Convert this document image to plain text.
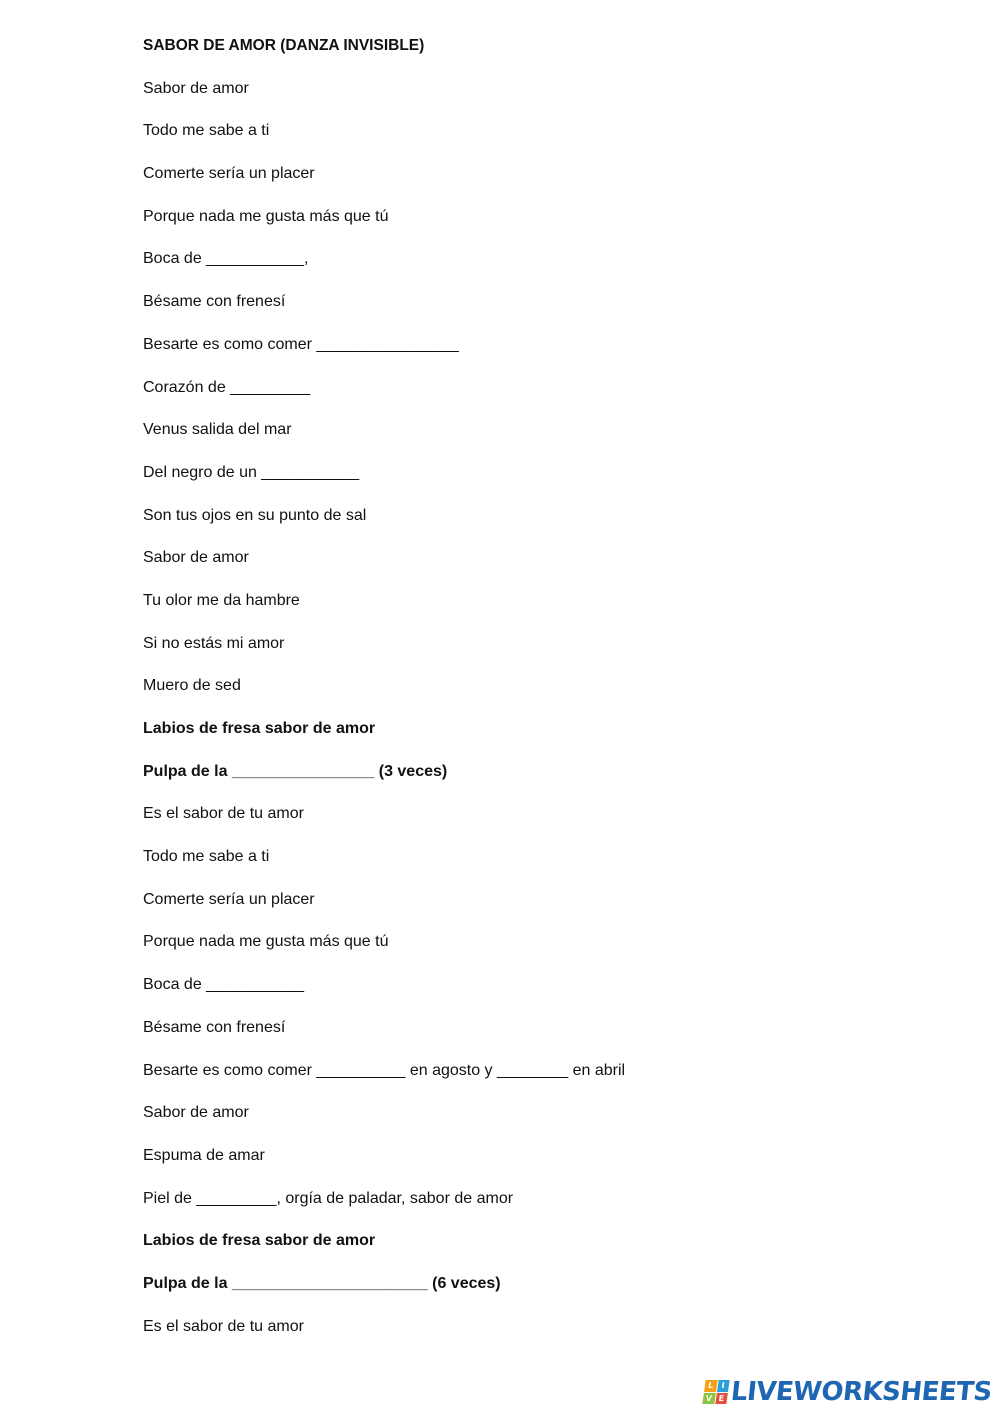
SABOR DE AMOR (DANZA INVISIBLE)
Sabor de amor
Todo me sabe a ti
Comerte sería un placer
Porque nada me gusta más que tú
Boca de ___________,
Bésame con frenesí
Besarte es como comer ________________
Corazón de _________
Venus salida del mar
Del negro de un ___________
Son tus ojos en su punto de sal
Sabor de amor
Tu olor me da hambre
Si no estás mi amor
Muero de sed
Labios de fresa sabor de amor
Pulpa de la ________________ (3 veces)
Es el sabor de tu amor
Todo me sabe a ti
Comerte sería un placer
Porque nada me gusta más que tú
Boca de ___________
Bésame con frenesí
Besarte es como comer __________ en agosto y ________ en abril
Sabor de amor
Espuma de amar
Piel de _________, orgía de paladar, sabor de amor
Labios de fresa sabor de amor
Pulpa de la ______________________ (6 veces)
Es el sabor de tu amor
L I
V E LIVEWORKSHEETS
